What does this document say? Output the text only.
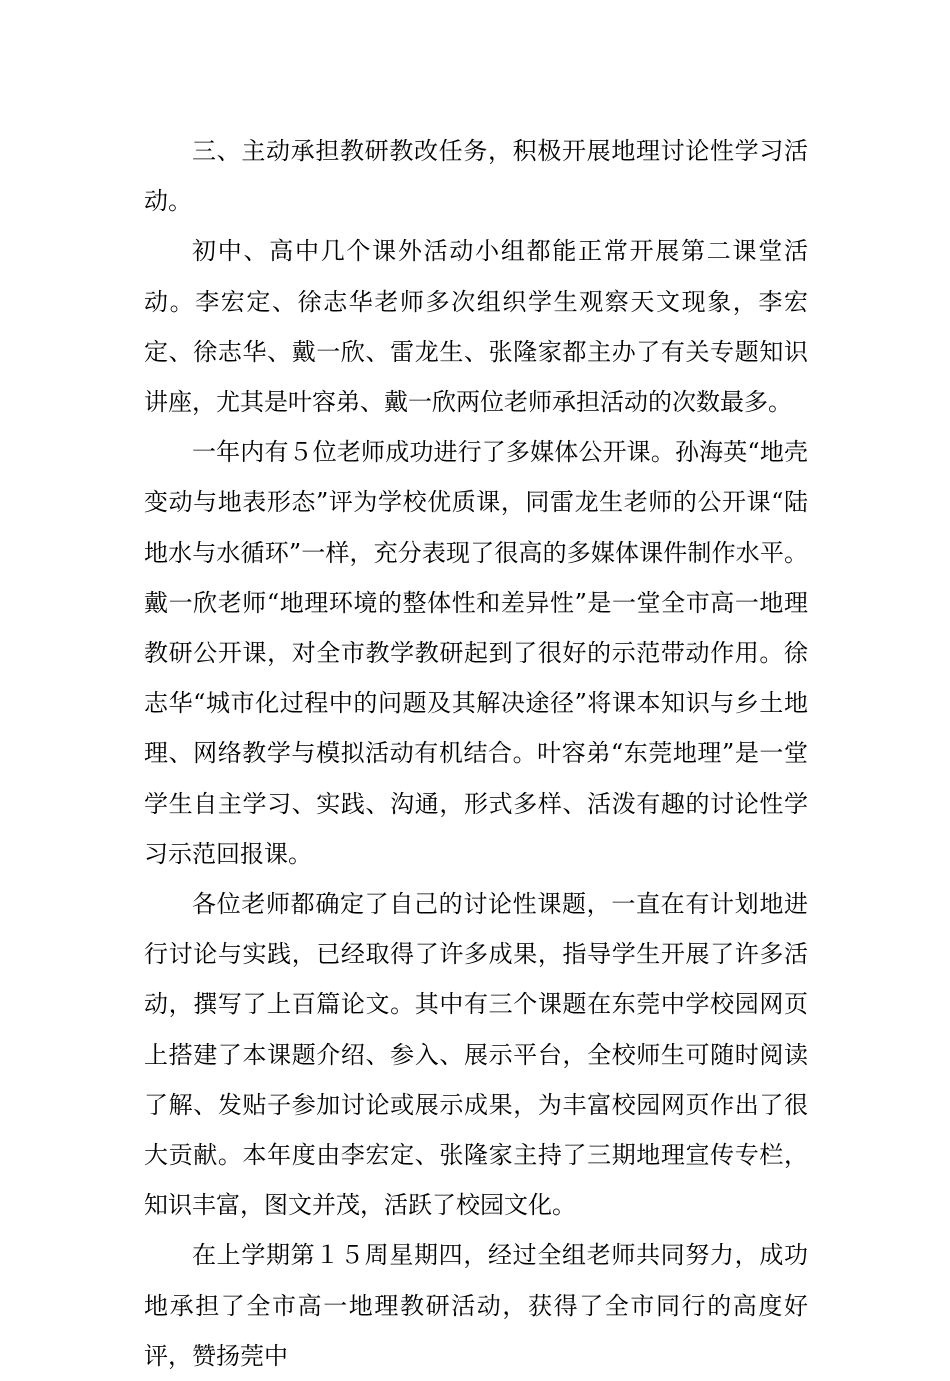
三、主动承担教研教改任务，积极开展地理讨论性学习活动。

初中、高中几个课外活动小组都能正常开展第二课堂活动。李宏定、徐志华老师多次组织学生观察天文现象，李宏定、徐志华、戴一欣、雷龙生、张隆家都主办了有关专题知识讲座，尤其是叶容弟、戴一欣两位老师承担活动的次数最多。

一年内有５位老师成功进行了多媒体公开课。孙海英“地壳变动与地表形态”评为学校优质课，同雷龙生老师的公开课“陆地水与水循环”一样，充分表现了很高的多媒体课件制作水平。戴一欣老师“地理环境的整体性和差异性”是一堂全市高一地理教研公开课，对全市教学教研起到了很好的示范带动作用。徐志华“城市化过程中的问题及其解决途径”将课本知识与乡土地理、网络教学与模拟活动有机结合。叶容弟“东莞地理”是一堂学生自主学习、实践、沟通，形式多样、活泼有趣的讨论性学习示范回报课。

各位老师都确定了自己的讨论性课题，一直在有计划地进行讨论与实践，已经取得了许多成果，指导学生开展了许多活动，撰写了上百篇论文。其中有三个课题在东莞中学校园网页上搭建了本课题介绍、参入、展示平台，全校师生可随时阅读了解、发贴子参加讨论或展示成果，为丰富校园网页作出了很大贡献。本年度由李宏定、张隆家主持了三期地理宣传专栏，知识丰富，图文并茂，活跃了校园文化。

在上学期第１５周星期四，经过全组老师共同努力，成功地承担了全市高一地理教研活动，获得了全市同行的高度好评，赞扬莞中
